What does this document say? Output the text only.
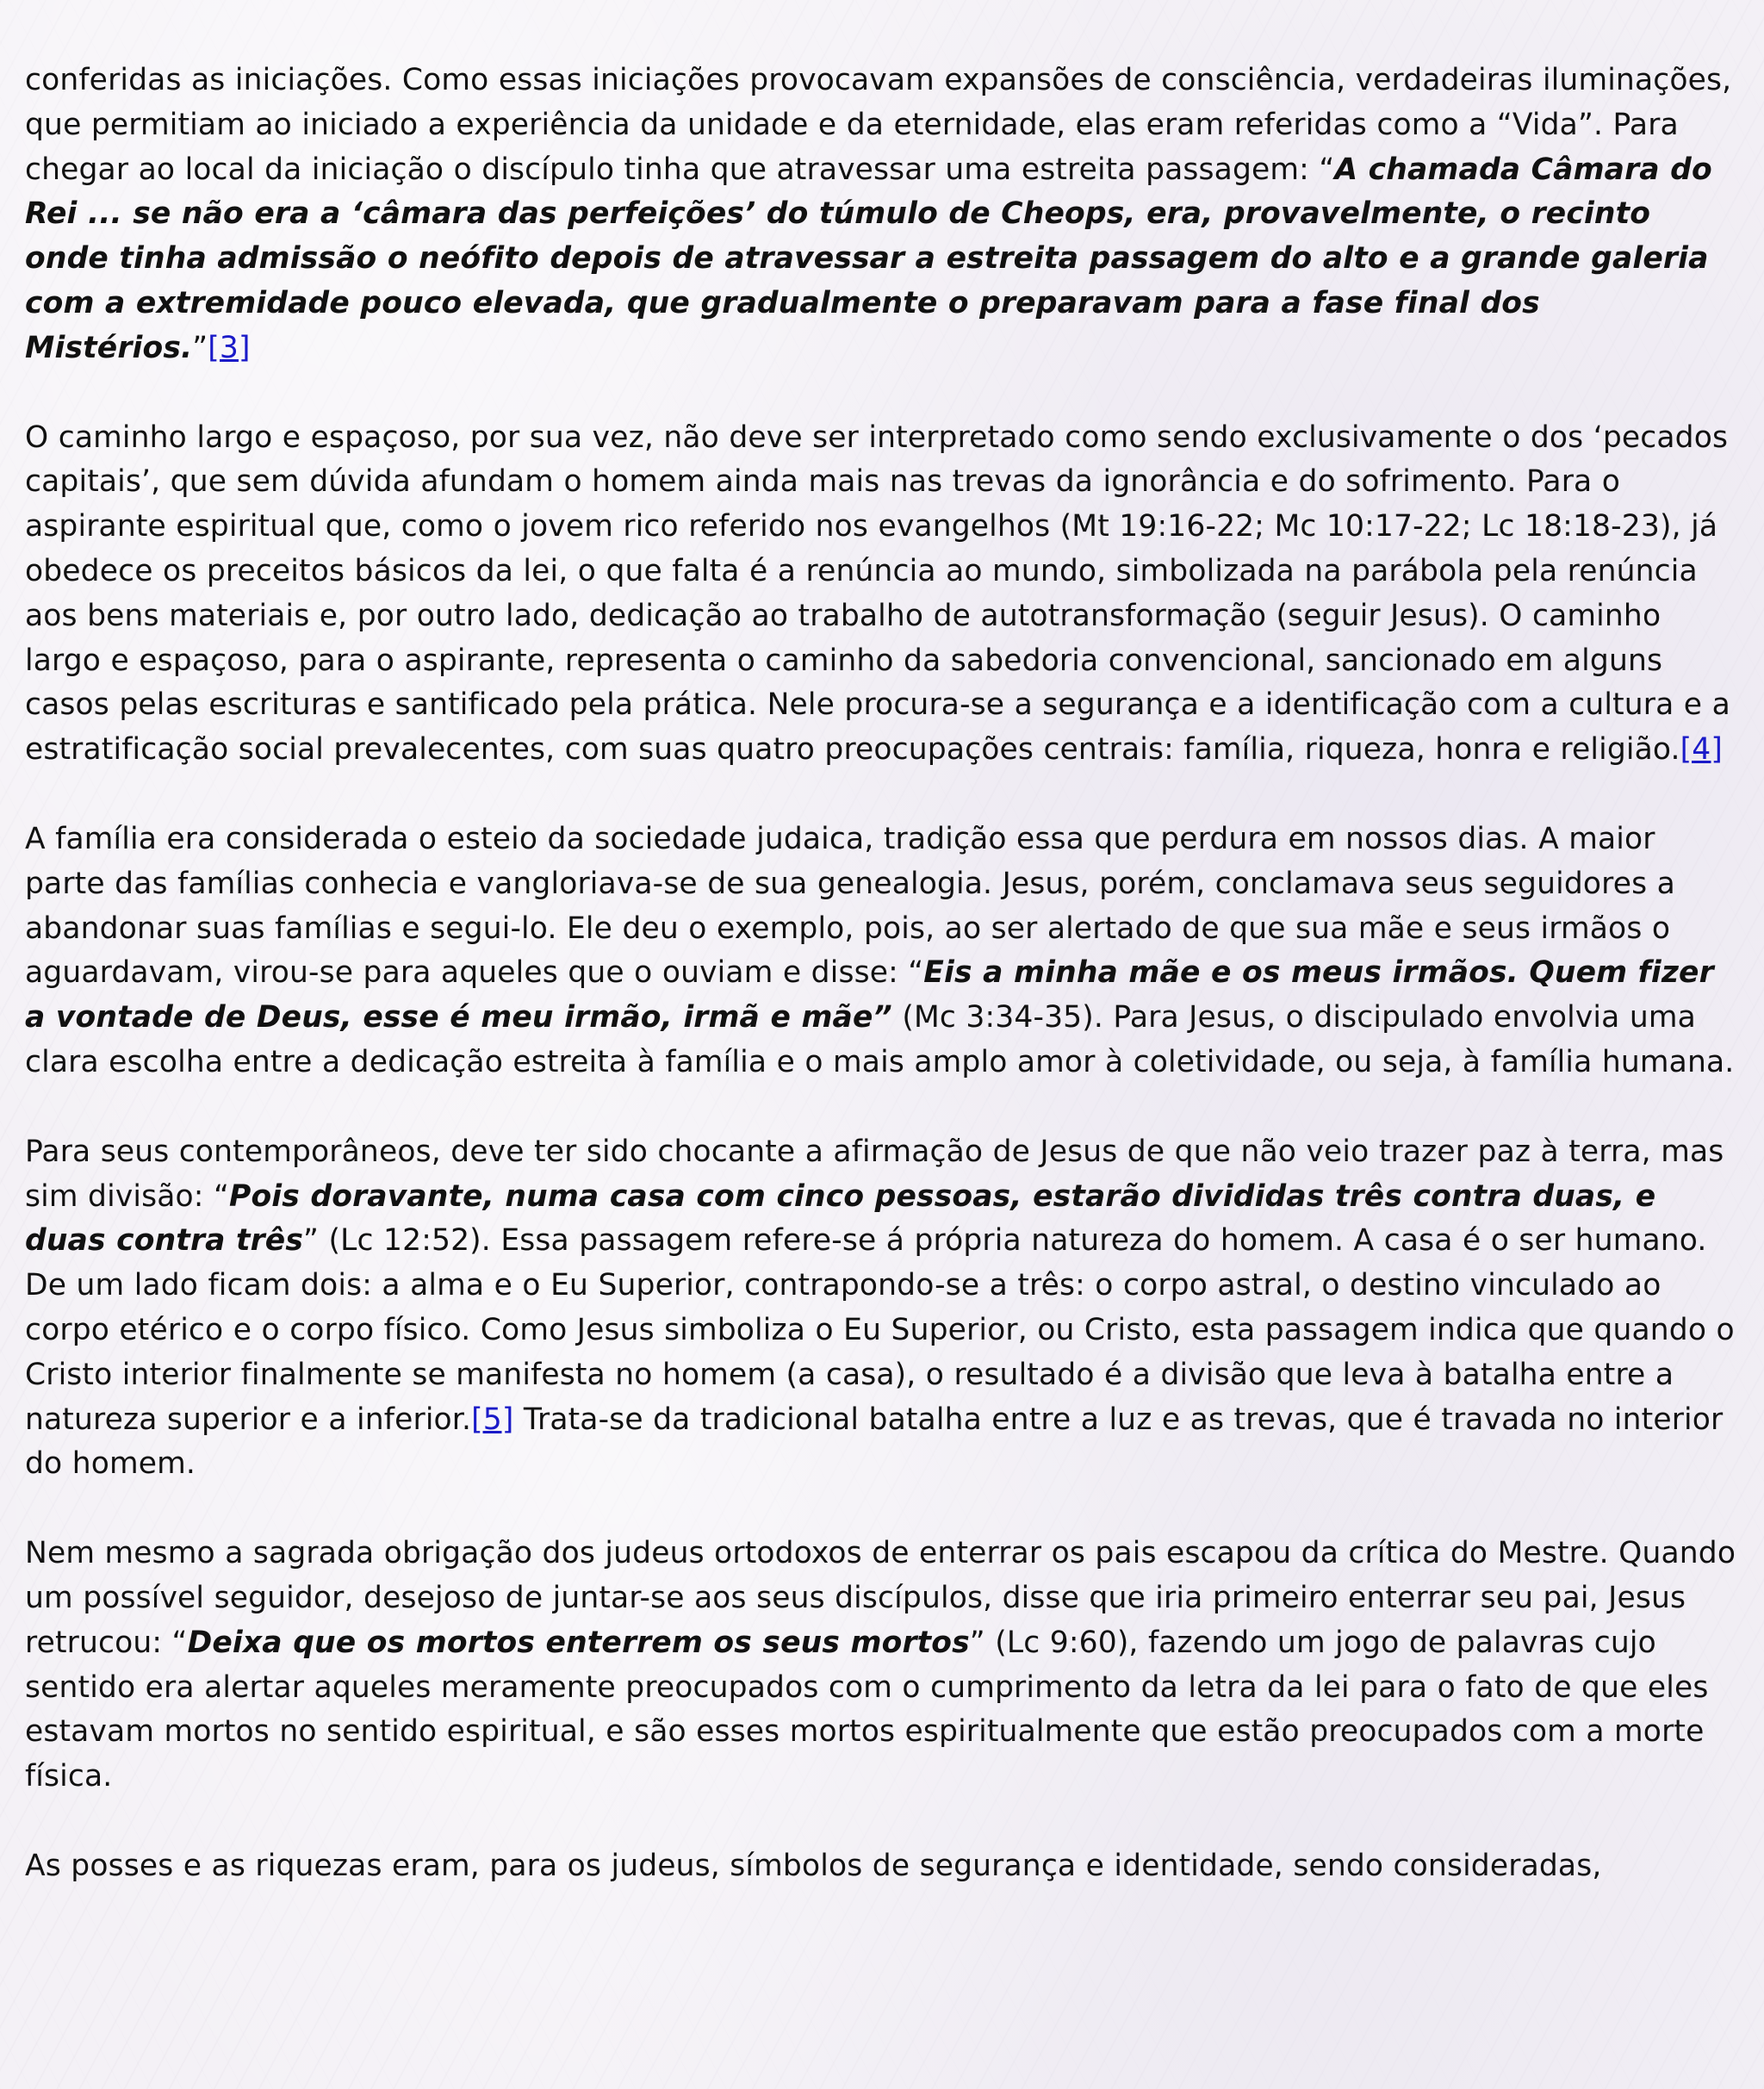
conferidas as iniciações. Como essas iniciações provocavam expansões de consciência, verdadeiras iluminações, que permitiam ao iniciado a experiência da unidade e da eternidade, elas eram referidas como a “Vida”. Para chegar ao local da iniciação o discípulo tinha que atravessar uma estreita passagem: “A chamada Câmara do Rei ... se não era a ‘câmara das perfeições’ do túmulo de Cheops, era, provavelmente, o recinto onde tinha admissão o neófito depois de atravessar a estreita passagem do alto e a grande galeria com a extremidade pouco elevada, que gradualmente o preparavam para a fase final dos Mistérios.”[3]

O caminho largo e espaçoso, por sua vez, não deve ser interpretado como sendo exclusivamente o dos ‘pecados capitais’, que sem dúvida afundam o homem ainda mais nas trevas da ignorância e do sofrimento. Para o aspirante espiritual que, como o jovem rico referido nos evangelhos (Mt 19:16-22; Mc 10:17-22; Lc 18:18-23), já obedece os preceitos básicos da lei, o que falta é a renúncia ao mundo, simbolizada na parábola pela renúncia aos bens materiais e, por outro lado, dedicação ao trabalho de autotransformação (seguir Jesus). O caminho largo e espaçoso, para o aspirante, representa o caminho da sabedoria convencional, sancionado em alguns casos pelas escrituras e santificado pela prática. Nele procura-se a segurança e a identificação com a cultura e a estratificação social prevalecentes, com suas quatro preocupações centrais: família, riqueza, honra e religião.[4]

A família era considerada o esteio da sociedade judaica, tradição essa que perdura em nossos dias. A maior parte das famílias conhecia e vangloriava-se de sua genealogia. Jesus, porém, conclamava seus seguidores a abandonar suas famílias e segui-lo. Ele deu o exemplo, pois, ao ser alertado de que sua mãe e seus irmãos o aguardavam, virou-se para aqueles que o ouviam e disse: “Eis a minha mãe e os meus irmãos. Quem fizer a vontade de Deus, esse é meu irmão, irmã e mãe” (Mc 3:34-35). Para Jesus, o discipulado envolvia uma clara escolha entre a dedicação estreita à família e o mais amplo amor à coletividade, ou seja, à família humana.

Para seus contemporâneos, deve ter sido chocante a afirmação de Jesus de que não veio trazer paz à terra, mas sim divisão: “Pois doravante, numa casa com cinco pessoas, estarão divididas três contra duas, e duas contra três” (Lc 12:52). Essa passagem refere-se á própria natureza do homem. A casa é o ser humano. De um lado ficam dois: a alma e o Eu Superior, contrapondo-se a três: o corpo astral, o destino vinculado ao corpo etérico e o corpo físico. Como Jesus simboliza o Eu Superior, ou Cristo, esta passagem indica que quando o Cristo interior finalmente se manifesta no homem (a casa), o resultado é a divisão que leva à batalha entre a natureza superior e a inferior.[5] Trata-se da tradicional batalha entre a luz e as trevas, que é travada no interior do homem.

Nem mesmo a sagrada obrigação dos judeus ortodoxos de enterrar os pais escapou da crítica do Mestre. Quando um possível seguidor, desejoso de juntar-se aos seus discípulos, disse que iria primeiro enterrar seu pai, Jesus retrucou: “Deixa que os mortos enterrem os seus mortos” (Lc 9:60), fazendo um jogo de palavras cujo sentido era alertar aqueles meramente preocupados com o cumprimento da letra da lei para o fato de que eles estavam mortos no sentido espiritual, e são esses mortos espiritualmente que estão preocupados com a morte física.

As posses e as riquezas eram, para os judeus, símbolos de segurança e identidade, sendo consideradas,
